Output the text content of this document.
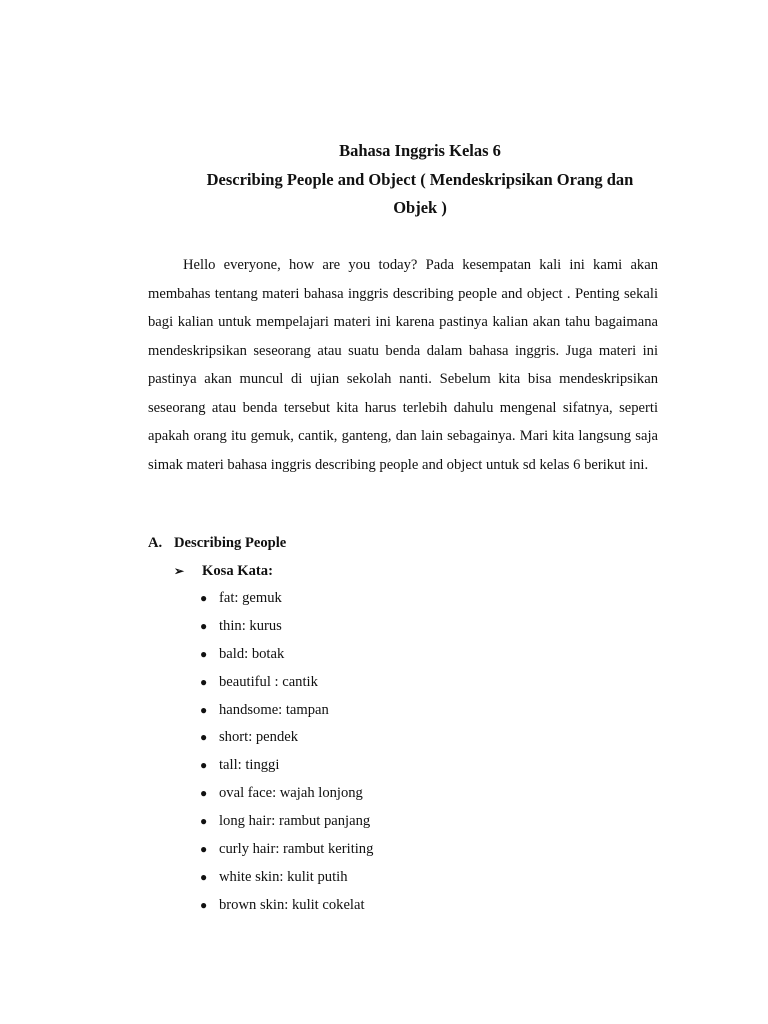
Bahasa Inggris Kelas 6
Describing People and Object ( Mendeskripsikan Orang dan
Objek )

Hello everyone, how are you today? Pada kesempatan kali ini kami akan membahas tentang materi bahasa inggris describing people and object . Penting sekali bagi kalian untuk mempelajari materi ini karena pastinya kalian akan tahu bagaimana mendeskripsikan seseorang atau suatu benda dalam bahasa inggris. Juga materi ini pastinya akan muncul di ujian sekolah nanti. Sebelum kita bisa mendeskripsikan seseorang atau benda tersebut kita harus terlebih dahulu mengenal sifatnya, seperti apakah orang itu gemuk, cantik, ganteng, dan lain sebagainya. Mari kita langsung saja simak materi bahasa inggris describing people and object untuk sd kelas 6 berikut ini.

A. Describing People
➢ Kosa Kata:
● fat: gemuk
● thin: kurus
● bald: botak
● beautiful : cantik
● handsome: tampan
● short: pendek
● tall: tinggi
● oval face: wajah lonjong
● long hair: rambut panjang
● curly hair: rambut keriting
● white skin: kulit putih
● brown skin: kulit cokelat
